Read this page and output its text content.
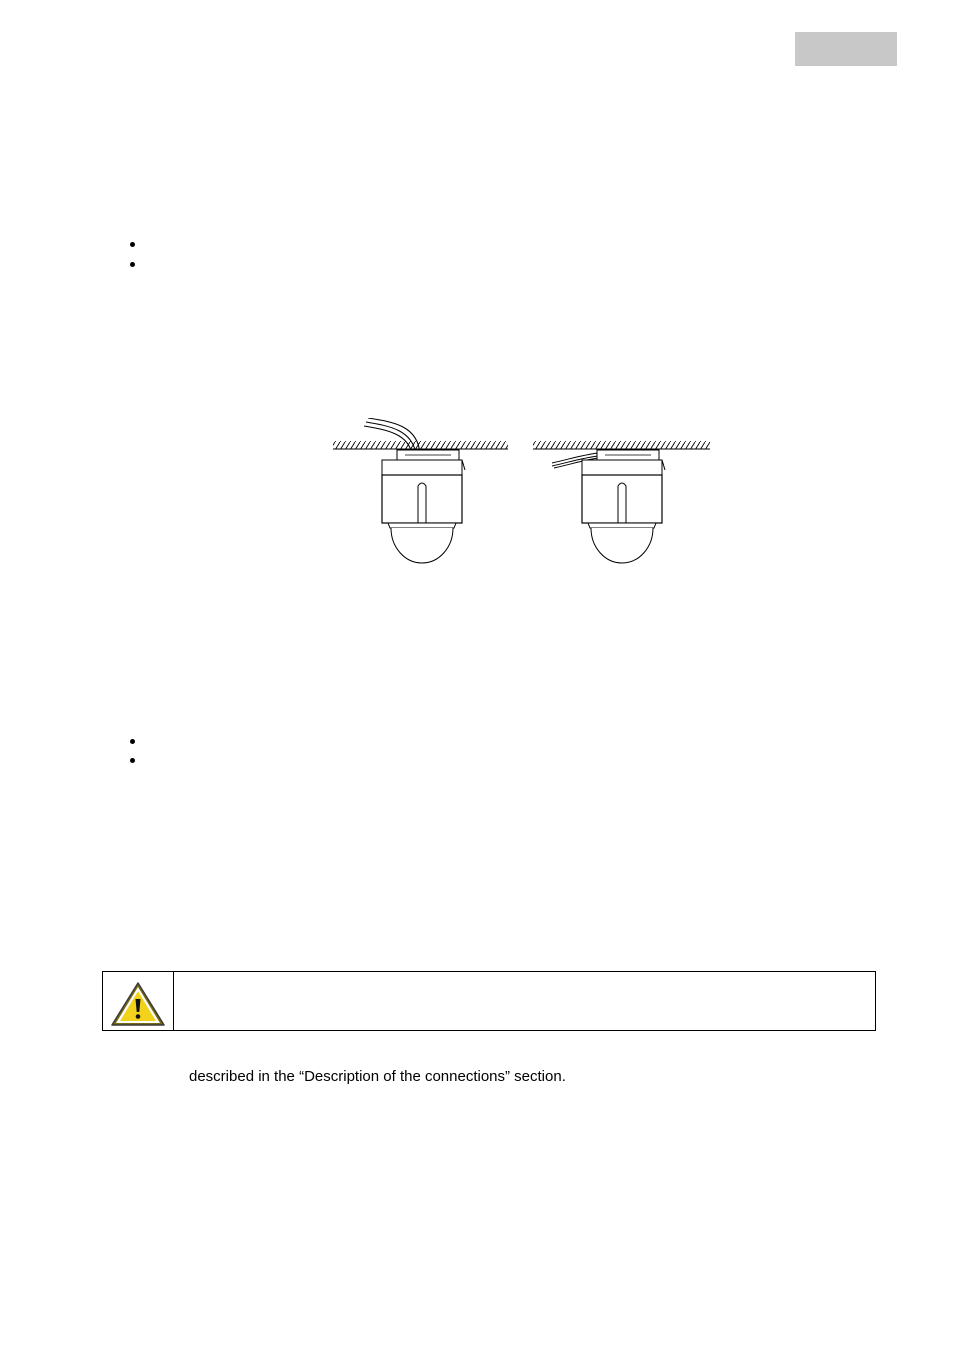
described in the “Description of the connections” section.
